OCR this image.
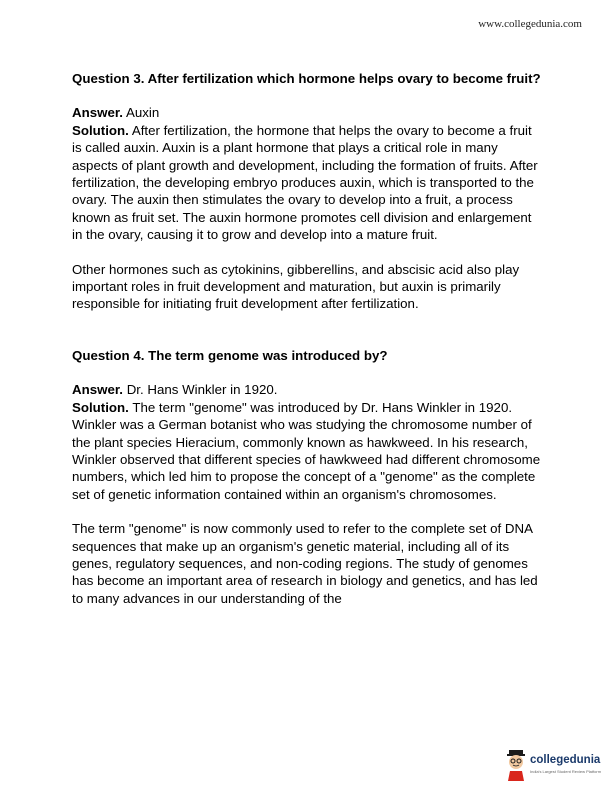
www.collegedunia.com

Question 3. After fertilization which hormone helps ovary to become fruit?

Answer. Auxin

Solution. After fertilization, the hormone that helps the ovary to become a fruit is called auxin. Auxin is a plant hormone that plays a critical role in many aspects of plant growth and development, including the formation of fruits. After fertilization, the developing embryo produces auxin, which is transported to the ovary. The auxin then stimulates the ovary to develop into a fruit, a process known as fruit set. The auxin hormone promotes cell division and enlargement in the ovary, causing it to grow and develop into a mature fruit.

Other hormones such as cytokinins, gibberellins, and abscisic acid also play important roles in fruit development and maturation, but auxin is primarily responsible for initiating fruit development after fertilization.

Question 4. The term genome was introduced by?

Answer. Dr. Hans Winkler in 1920.

Solution. The term "genome" was introduced by Dr. Hans Winkler in 1920. Winkler was a German botanist who was studying the chromosome number of the plant species Hieracium, commonly known as hawkweed. In his research, Winkler observed that different species of hawkweed had different chromosome numbers, which led him to propose the concept of a "genome" as the complete set of genetic information contained within an organism's chromosomes.

The term "genome" is now commonly used to refer to the complete set of DNA sequences that make up an organism's genetic material, including all of its genes, regulatory sequences, and non-coding regions. The study of genomes has become an important area of research in biology and genetics, and has led to many advances in our understanding of the

collegedunia
India's Largest Student Review Platform
